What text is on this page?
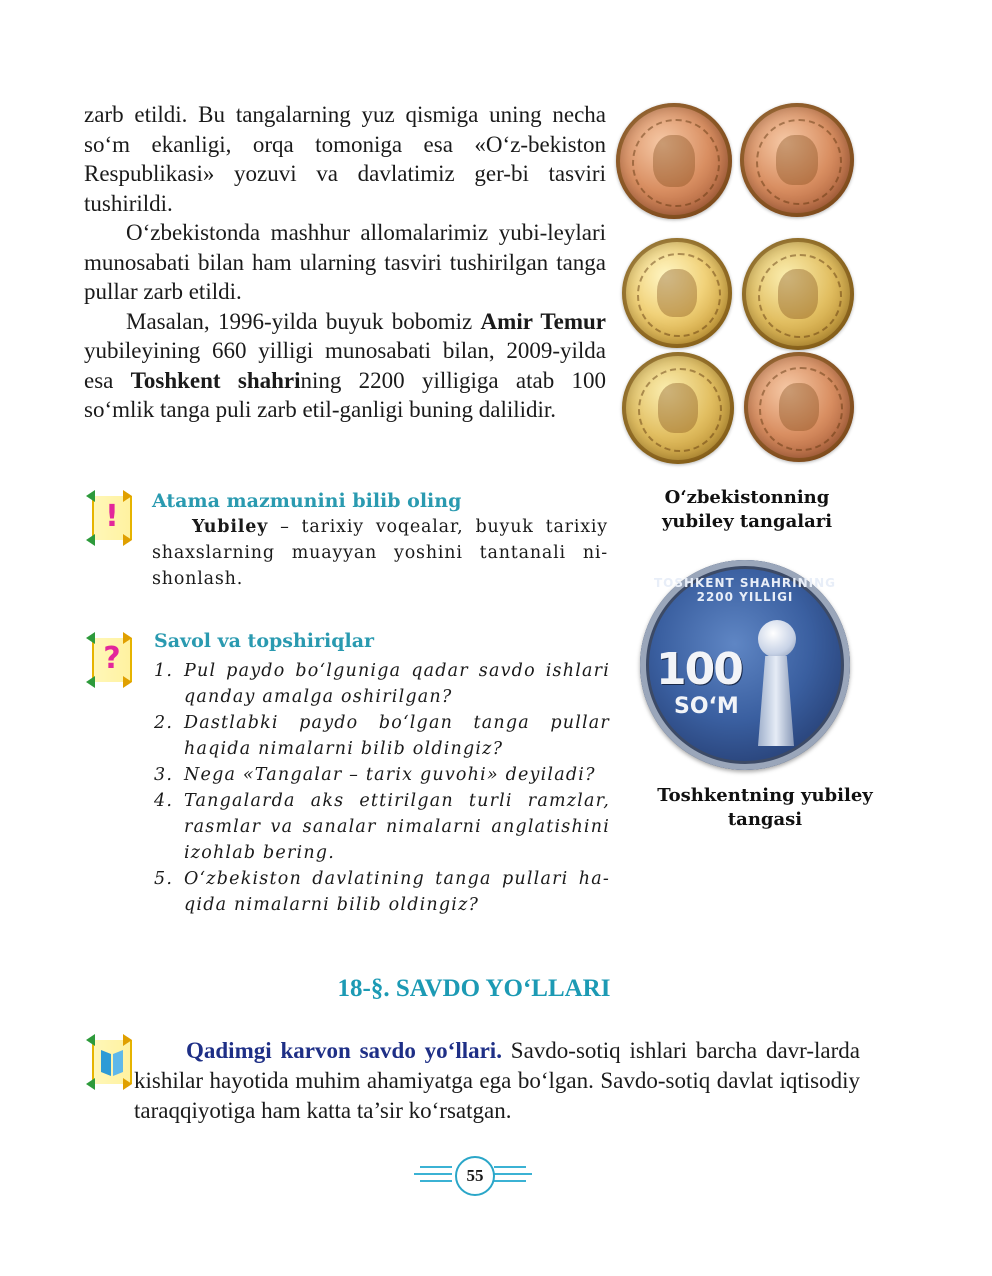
zarb etildi. Bu tangalarning yuz qismiga uning necha so‘m ekanligi, orqa tomoniga esa «O‘z-bekiston Respublikasi» yozuvi va davlatimiz ger-bi tasviri tushirildi.

O‘zbekistonda mashhur allomalarimiz yubi-leylari munosabati bilan ham ularning tasviri tushirilgan tanga pullar zarb etildi.

Masalan, 1996-yilda buyuk bobomiz Amir Temur yubileyining 660 yilligi munosabati bilan, 2009-yilda esa Toshkent shahrining 2200 yilligiga atab 100 so‘mlik tanga puli zarb etil-ganligi buning dalilidir.

O‘zbekistonning yubiley tangalari
TOSHKENT SHAHRINING 2200 YILLIGI
100
SO‘M
Toshkentning yubiley tangasi
!	Atama mazmunini bilib oling
Yubiley – tarixiy voqealar, buyuk tarixiy shaxslarning muayyan yoshini tantanali ni-shonlash.
?	Savol va topshiriqlar
1. Pul paydo bo‘lguniga qadar savdo ishlari qanday amalga oshirilgan?
2. Dastlabki paydo bo‘lgan tanga pullar haqida nimalarni bilib oldingiz?
3. Nega «Tangalar – tarix guvohi» deyiladi?
4. Tangalarda aks ettirilgan turli ramzlar, rasmlar va sanalar nimalarni anglatishini izohlab bering.
5. O‘zbekiston davlatining tanga pullari ha-qida nimalarni bilib oldingiz?
18-§. SAVDO YO‘LLARI
Qadimgi karvon savdo yo‘llari. Savdo-sotiq ishlari barcha davr-larda kishilar hayotida muhim ahamiyatga ega bo‘lgan. Savdo-sotiq davlat iqtisodiy taraqqiyotiga ham katta ta’sir ko‘rsatgan.
55
